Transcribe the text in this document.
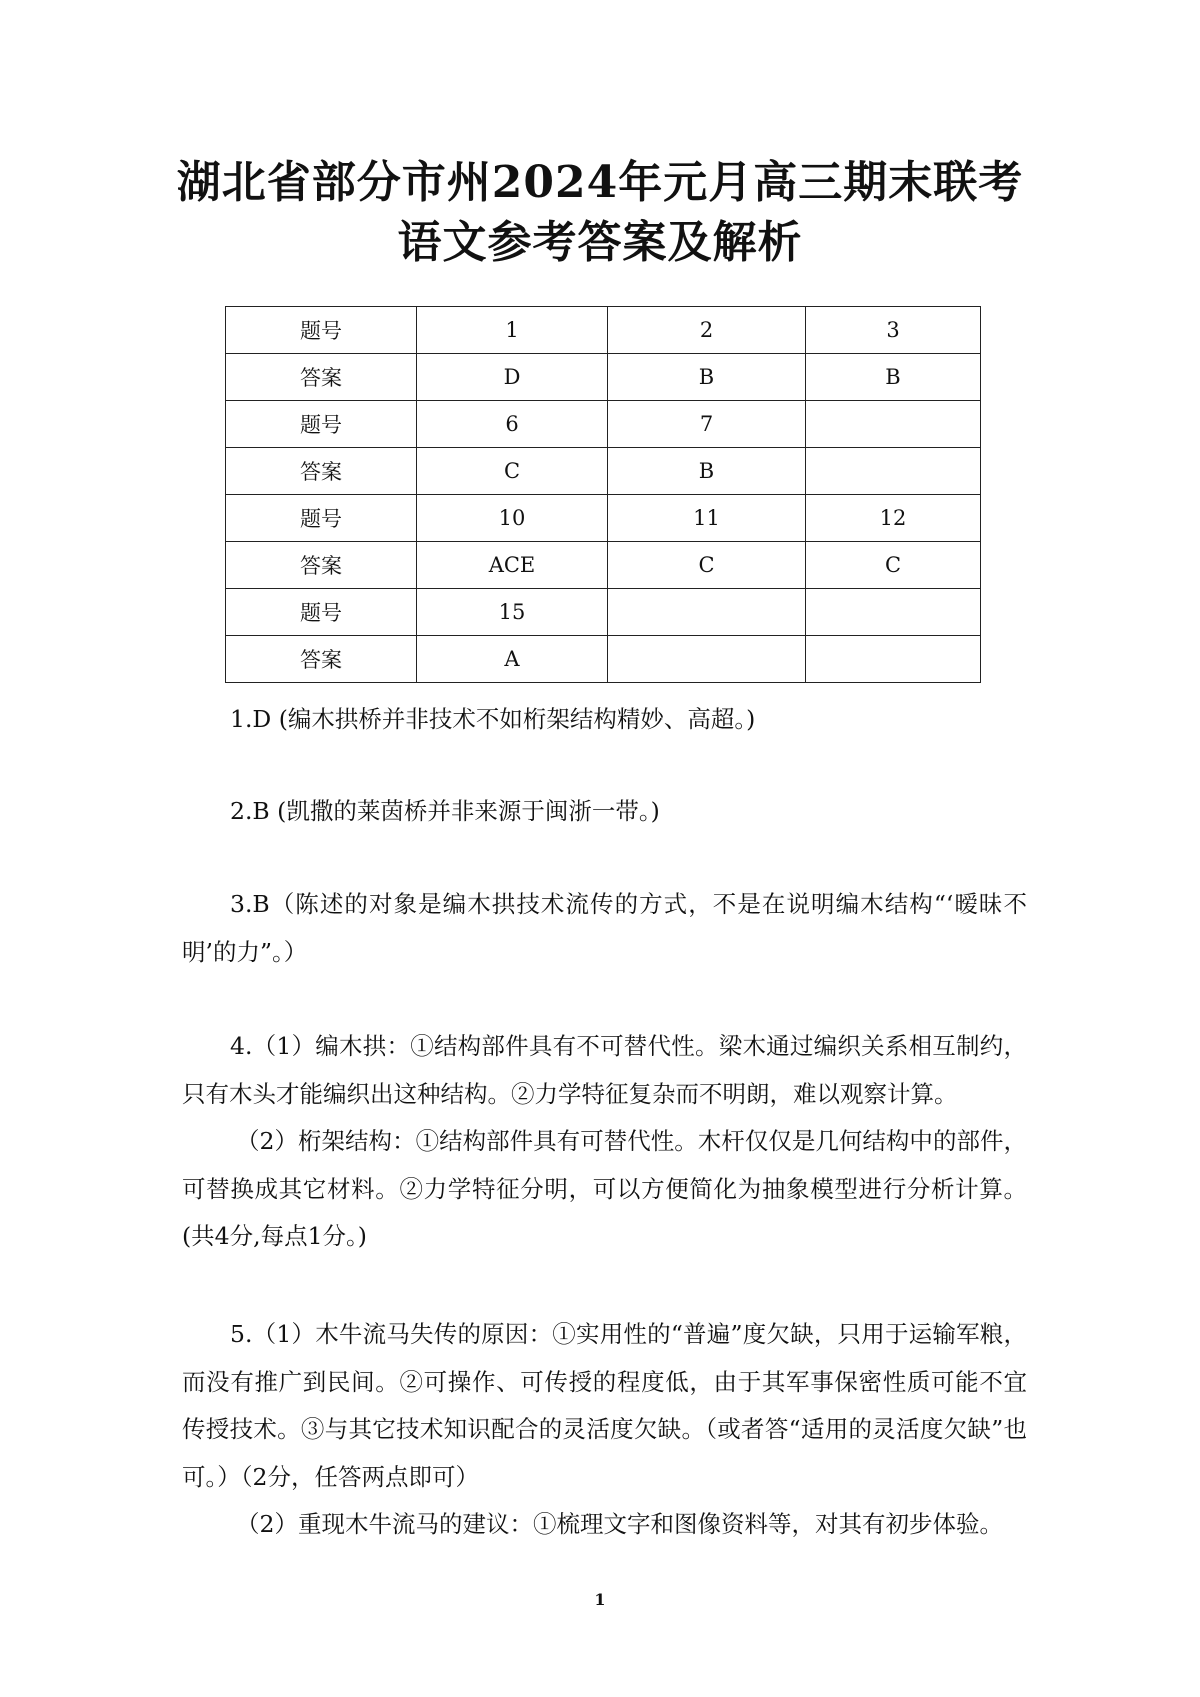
湖北省部分市州2024年元月高三期末联考
语文参考答案及解析
题号	1	2	3
答案	D	B	B
题号	6	7	
答案	C	B	
题号	10	11	12
答案	ACE	C	C
题号	15		
答案	A		
1.D (编木拱桥并非技术不如桁架结构精妙、高超。)
2.B (凯撒的莱茵桥并非来源于闽浙一带。)
3.B（陈述的对象是编木拱技术流传的方式，不是在说明编木结构“‘暧昧不明’的力”。）
4.（1）编木拱：①结构部件具有不可替代性。梁木通过编织关系相互制约，只有木头才能编织出这种结构。②力学特征复杂而不明朗，难以观察计算。
（2）桁架结构：①结构部件具有可替代性。木杆仅仅是几何结构中的部件，可替换成其它材料。②力学特征分明，可以方便简化为抽象模型进行分析计算。(共4分,每点1分。)
5.（1）木牛流马失传的原因：①实用性的“普遍”度欠缺，只用于运输军粮，而没有推广到民间。②可操作、可传授的程度低，由于其军事保密性质可能不宜传授技术。③与其它技术知识配合的灵活度欠缺。（或者答“适用的灵活度欠缺”也可。）（2分，任答两点即可）
（2）重现木牛流马的建议：①梳理文字和图像资料等，对其有初步体验。
1
